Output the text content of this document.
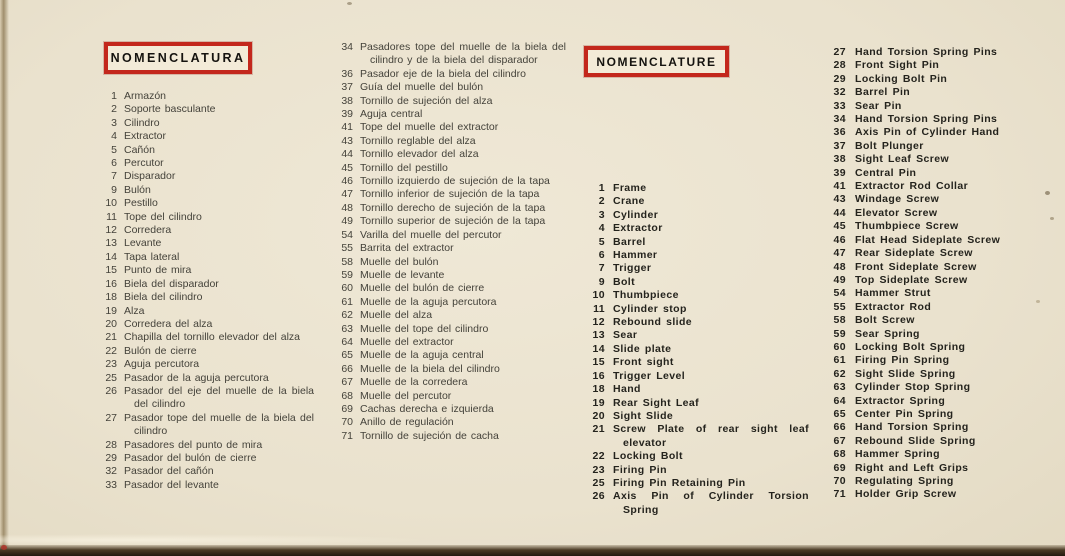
NOMENCLATURA	NOMENCLATURE
1 Armazón
2 Soporte basculante
3 Cilindro
4 Extractor
5 Cañón
6 Percutor
7 Disparador
9 Bulón
10 Pestillo
11 Tope del cilindro
12 Corredera
13 Levante
14 Tapa lateral
15 Punto de mira
16 Biela del disparador
18 Biela del cilindro
19 Alza
20 Corredera del alza
21 Chapilla del tornillo elevador del alza
22 Bulón de cierre
23 Aguja percutora
25 Pasador de la aguja percutora
26 Pasador del eje del muelle de la biela del cilindro
27 Pasador tope del muelle de la biela del cilindro
28 Pasadores del punto de mira
29 Pasador del bulón de cierre
32 Pasador del cañón
33 Pasador del levante
34 Pasadores tope del muelle de la biela del cilindro y de la biela del disparador
36 Pasador eje de la biela del cilindro
37 Guía del muelle del bulón
38 Tornillo de sujeción del alza
39 Aguja central
41 Tope del muelle del extractor
43 Tornillo reglable del alza
44 Tornillo elevador del alza
45 Tornillo del pestillo
46 Tornillo izquierdo de sujeción de la tapa
47 Tornillo inferior de sujeción de la tapa
48 Tornillo derecho de sujeción de la tapa
49 Tornillo superior de sujeción de la tapa
54 Varilla del muelle del percutor
55 Barrita del extractor
58 Muelle del bulón
59 Muelle de levante
60 Muelle del bulón de cierre
61 Muelle de la aguja percutora
62 Muelle del alza
63 Muelle del tope del cilindro
64 Muelle del extractor
65 Muelle de la aguja central
66 Muelle de la biela del cilindro
67 Muelle de la corredera
68 Muelle del percutor
69 Cachas derecha e izquierda
70 Anillo de regulación
71 Tornillo de sujeción de cacha
1 Frame
2 Crane
3 Cylinder
4 Extractor
5 Barrel
6 Hammer
7 Trigger
9 Bolt
10 Thumbpiece
11 Cylinder stop
12 Rebound slide
13 Sear
14 Slide plate
15 Front sight
16 Trigger Level
18 Hand
19 Rear Sight Leaf
20 Sight Slide
21 Screw Plate of rear sight leaf elevator
22 Locking Bolt
23 Firing Pin
25 Firing Pin Retaining Pin
26 Axis Pin of Cylinder Torsion Spring
27 Hand Torsion Spring Pins
28 Front Sight Pin
29 Locking Bolt Pin
32 Barrel Pin
33 Sear Pin
34 Hand Torsion Spring Pins
36 Axis Pin of Cylinder Hand
37 Bolt Plunger
38 Sight Leaf Screw
39 Central Pin
41 Extractor Rod Collar
43 Windage Screw
44 Elevator Screw
45 Thumbpiece Screw
46 Flat Head Sideplate Screw
47 Rear Sideplate Screw
48 Front Sideplate Screw
49 Top Sideplate Screw
54 Hammer Strut
55 Extractor Rod
58 Bolt Screw
59 Sear Spring
60 Locking Bolt Spring
61 Firing Pin Spring
62 Sight Slide Spring
63 Cylinder Stop Spring
64 Extractor Spring
65 Center Pin Spring
66 Hand Torsion Spring
67 Rebound Slide Spring
68 Hammer Spring
69 Right and Left Grips
70 Regulating Spring
71 Holder Grip Screw
